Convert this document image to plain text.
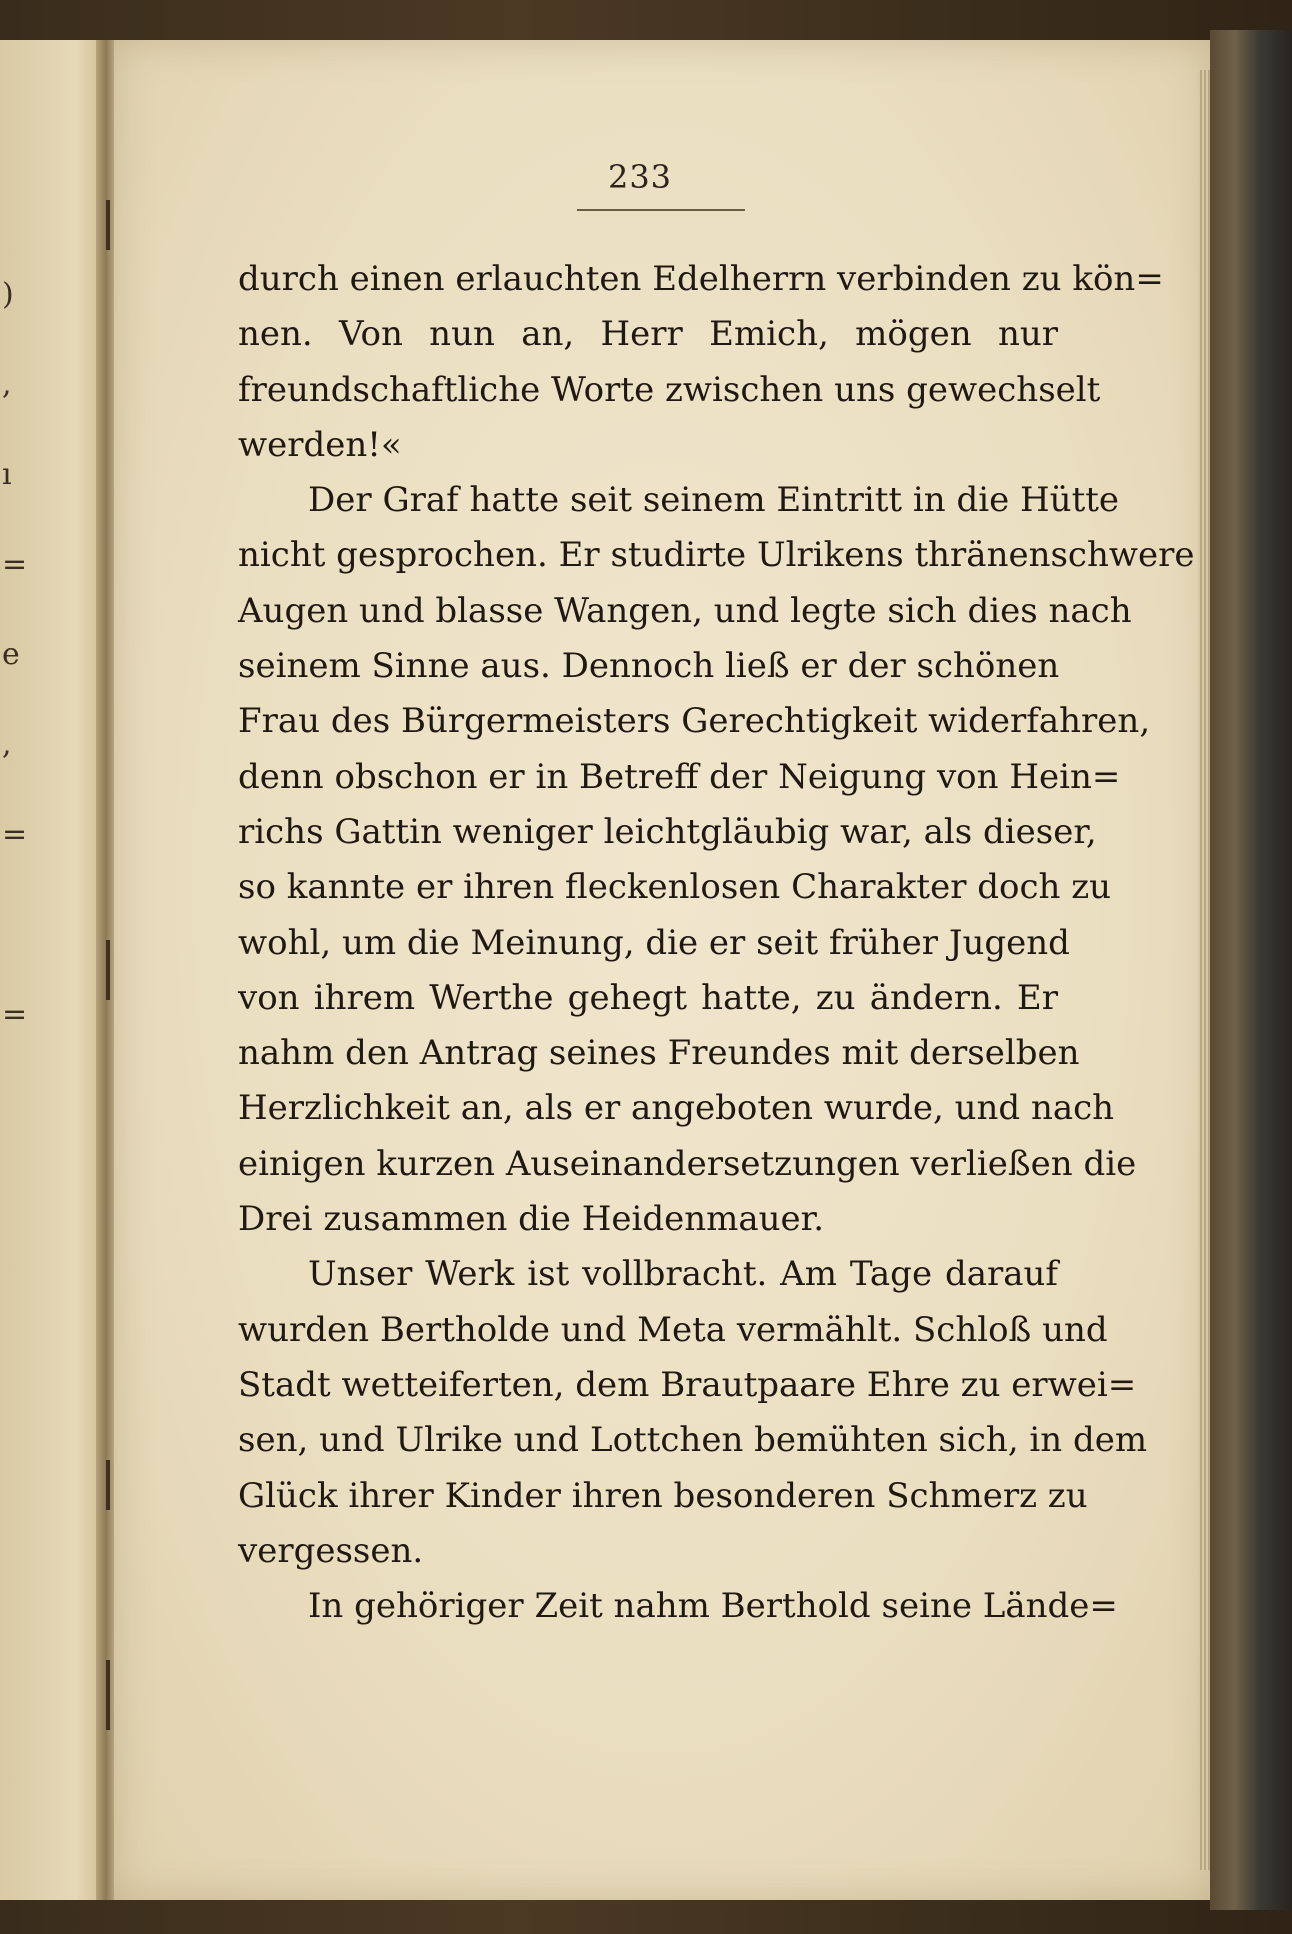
)
,
ı
=
e
,
=
=
233
durch einen erlauchten Edelherrn verbinden zu kön=
nen. Von nun an, Herr Emich, mögen nur
freundschaftliche Worte zwischen uns gewechselt
werden!«
Der Graf hatte seit seinem Eintritt in die Hütte
nicht gesprochen. Er studirte Ulrikens thränenschwere
Augen und blasse Wangen, und legte sich dies nach
seinem Sinne aus. Dennoch ließ er der schönen
Frau des Bürgermeisters Gerechtigkeit widerfahren,
denn obschon er in Betreff der Neigung von Hein=
richs Gattin weniger leichtgläubig war, als dieser,
so kannte er ihren fleckenlosen Charakter doch zu
wohl, um die Meinung, die er seit früher Jugend
von ihrem Werthe gehegt hatte, zu ändern. Er
nahm den Antrag seines Freundes mit derselben
Herzlichkeit an, als er angeboten wurde, und nach
einigen kurzen Auseinandersetzungen verließen die
Drei zusammen die Heidenmauer.
Unser Werk ist vollbracht. Am Tage darauf
wurden Bertholde und Meta vermählt. Schloß und
Stadt wetteiferten, dem Brautpaare Ehre zu erwei=
sen, und Ulrike und Lottchen bemühten sich, in dem
Glück ihrer Kinder ihren besonderen Schmerz zu
vergessen.
In gehöriger Zeit nahm Berthold seine Lände=
